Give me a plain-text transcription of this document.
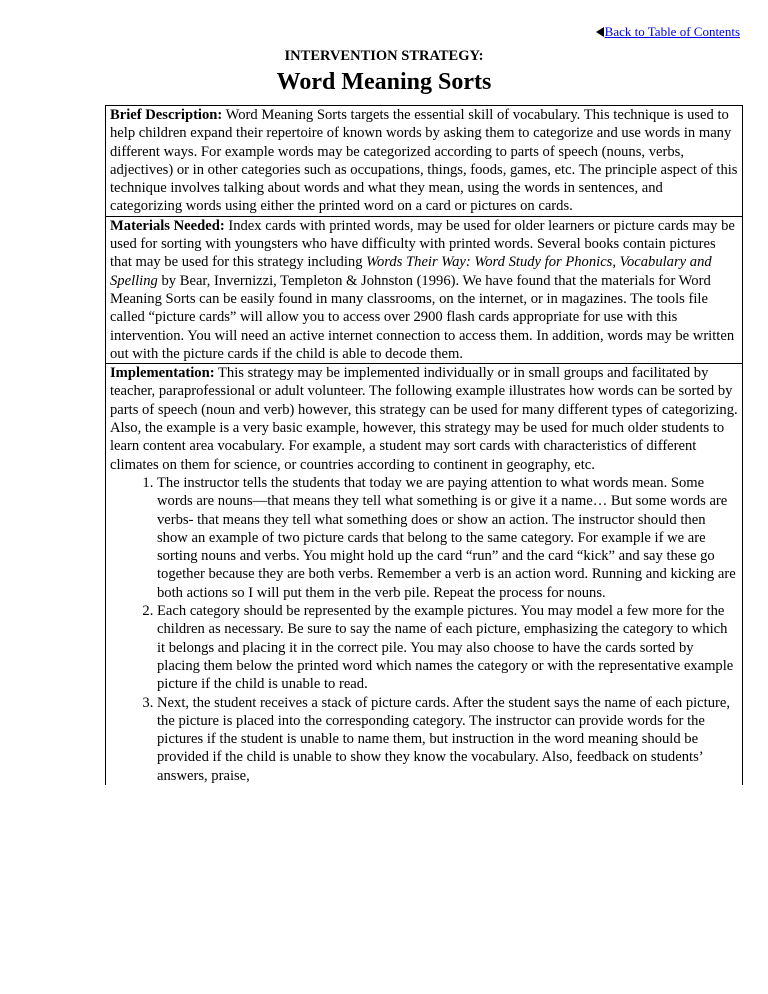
Back to Table of Contents
INTERVENTION STRATEGY:
Word Meaning Sorts
Brief Description: Word Meaning Sorts targets the essential skill of vocabulary. This technique is used to help children expand their repertoire of known words by asking them to categorize and use words in many different ways. For example words may be categorized according to parts of speech (nouns, verbs, adjectives) or in other categories such as occupations, things, foods, games, etc. The principle aspect of this technique involves talking about words and what they mean, using the words in sentences, and categorizing words using either the printed word on a card or pictures on cards.
Materials Needed: Index cards with printed words, may be used for older learners or picture cards may be used for sorting with youngsters who have difficulty with printed words. Several books contain pictures that may be used for this strategy including Words Their Way: Word Study for Phonics, Vocabulary and Spelling by Bear, Invernizzi, Templeton & Johnston (1996). We have found that the materials for Word Meaning Sorts can be easily found in many classrooms, on the internet, or in magazines. The tools file called “picture cards” will allow you to access over 2900 flash cards appropriate for use with this intervention. You will need an active internet connection to access them. In addition, words may be written out with the picture cards if the child is able to decode them.
Implementation: This strategy may be implemented individually or in small groups and facilitated by teacher, paraprofessional or adult volunteer. The following example illustrates how words can be sorted by parts of speech (noun and verb) however, this strategy can be used for many different types of categorizing. Also, the example is a very basic example, however, this strategy may be used for much older students to learn content area vocabulary. For example, a student may sort cards with characteristics of different climates on them for science, or countries according to continent in geography, etc.
1. The instructor tells the students that today we are paying attention to what words mean. Some words are nouns—that means they tell what something is or give it a name… But some words are verbs- that means they tell what something does or show an action. The instructor should then show an example of two picture cards that belong to the same category. For example if we are sorting nouns and verbs. You might hold up the card “run” and the card “kick” and say these go together because they are both verbs. Remember a verb is an action word. Running and kicking are both actions so I will put them in the verb pile. Repeat the process for nouns.
2. Each category should be represented by the example pictures. You may model a few more for the children as necessary. Be sure to say the name of each picture, emphasizing the category to which it belongs and placing it in the correct pile. You may also choose to have the cards sorted by placing them below the printed word which names the category or with the representative example picture if the child is unable to read.
3. Next, the student receives a stack of picture cards. After the student says the name of each picture, the picture is placed into the corresponding category. The instructor can provide words for the pictures if the student is unable to name them, but instruction in the word meaning should be provided if the child is unable to show they know the vocabulary. Also, feedback on students’ answers, praise,
